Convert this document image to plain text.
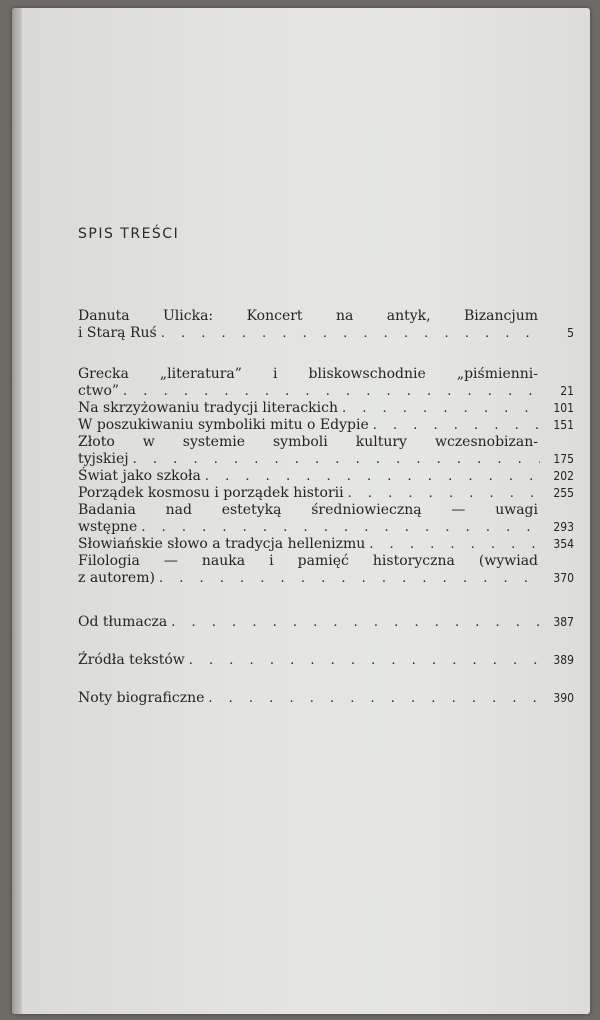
SPIS TREŚCI
Danuta Ulicka: Koncert na antyk, Bizancjum
i Starą Ruś . . .	5
Grecka „literatura” i bliskowschodnie „piśmienni-
ctwo” . . .	21
Na skrzyżowaniu tradycji literackich . . .	101
W poszukiwaniu symboliki mitu o Edypie . . .	151
Złoto w systemie symboli kultury wczesnobizan-
tyjskiej . . .	175
Świat jako szkoła . . .	202
Porządek kosmosu i porządek historii . . .	255
Badania nad estetyką średniowieczną — uwagi
wstępne . . .	293
Słowiańskie słowo a tradycja hellenizmu . . .	354
Filologia — nauka i pamięć historyczna (wywiad
z autorem) . . .	370
Od tłumacza . . .	387
Źródła tekstów . . .	389
Noty biograficzne . . .	390
